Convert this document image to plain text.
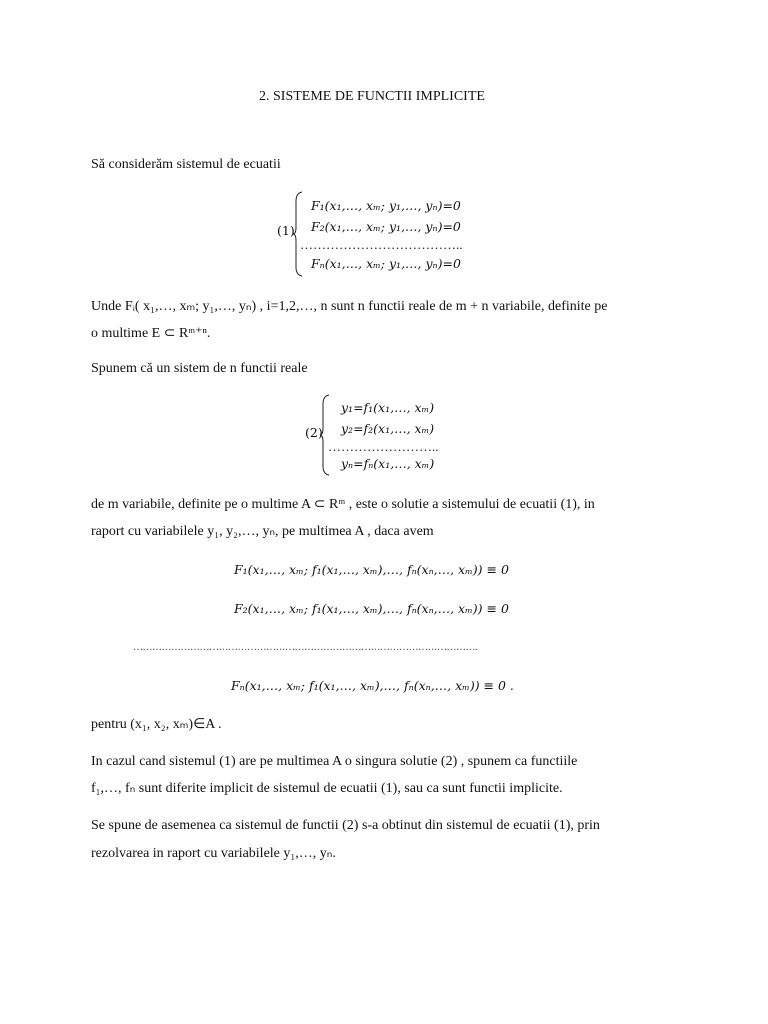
2. SISTEME DE FUNCTII IMPLICITE
Să considerăm sistemul de ecuatii
(1)
F₁(x₁,…, xₘ; y₁,…, yₙ)=0
F₂(x₁,…, xₘ; y₁,…, yₙ)=0
………………………………..
Fₙ(x₁,…, xₘ; y₁,…, yₙ)=0
Unde Fᵢ( x₁,…, xₘ; y₁,…, yₙ) , i=1,2,…, n sunt n functii reale de m + n variabile, definite pe
o multime E ⊂ Rᵐ⁺ⁿ.
Spunem că un sistem de n functii reale
(2)
y₁=f₁(x₁,…, xₘ)
y₂=f₂(x₁,…, xₘ)
……………………..
yₙ=fₙ(x₁,…, xₘ)
de m variabile, definite pe o multime A ⊂ Rᵐ , este o solutie a sistemului de ecuatii (1), in
raport cu variabilele y₁, y₂,…, yₙ, pe multimea A , daca avem
F₁(x₁,…, xₘ; f₁(x₁,…, xₘ),…, fₙ(xₙ,…, xₘ)) ≡ 0
F₂(x₁,…, xₘ; f₁(x₁,…, xₘ),…, fₙ(xₙ,…, xₘ)) ≡ 0
……………………………………………………………………………………………….
Fₙ(x₁,…, xₘ; f₁(x₁,…, xₘ),…, fₙ(xₙ,…, xₘ)) ≡ 0 .
pentru (x₁, x₂, xₘ)∈A .
In cazul cand sistemul (1) are pe multimea A o singura solutie (2) , spunem ca functiile
f₁,…, fₙ sunt diferite implicit de sistemul de ecuatii (1), sau ca sunt functii implicite.
Se spune de asemenea ca sistemul de functii (2) s-a obtinut din sistemul de ecuatii (1), prin
rezolvarea in raport cu variabilele y₁,…, yₙ.
